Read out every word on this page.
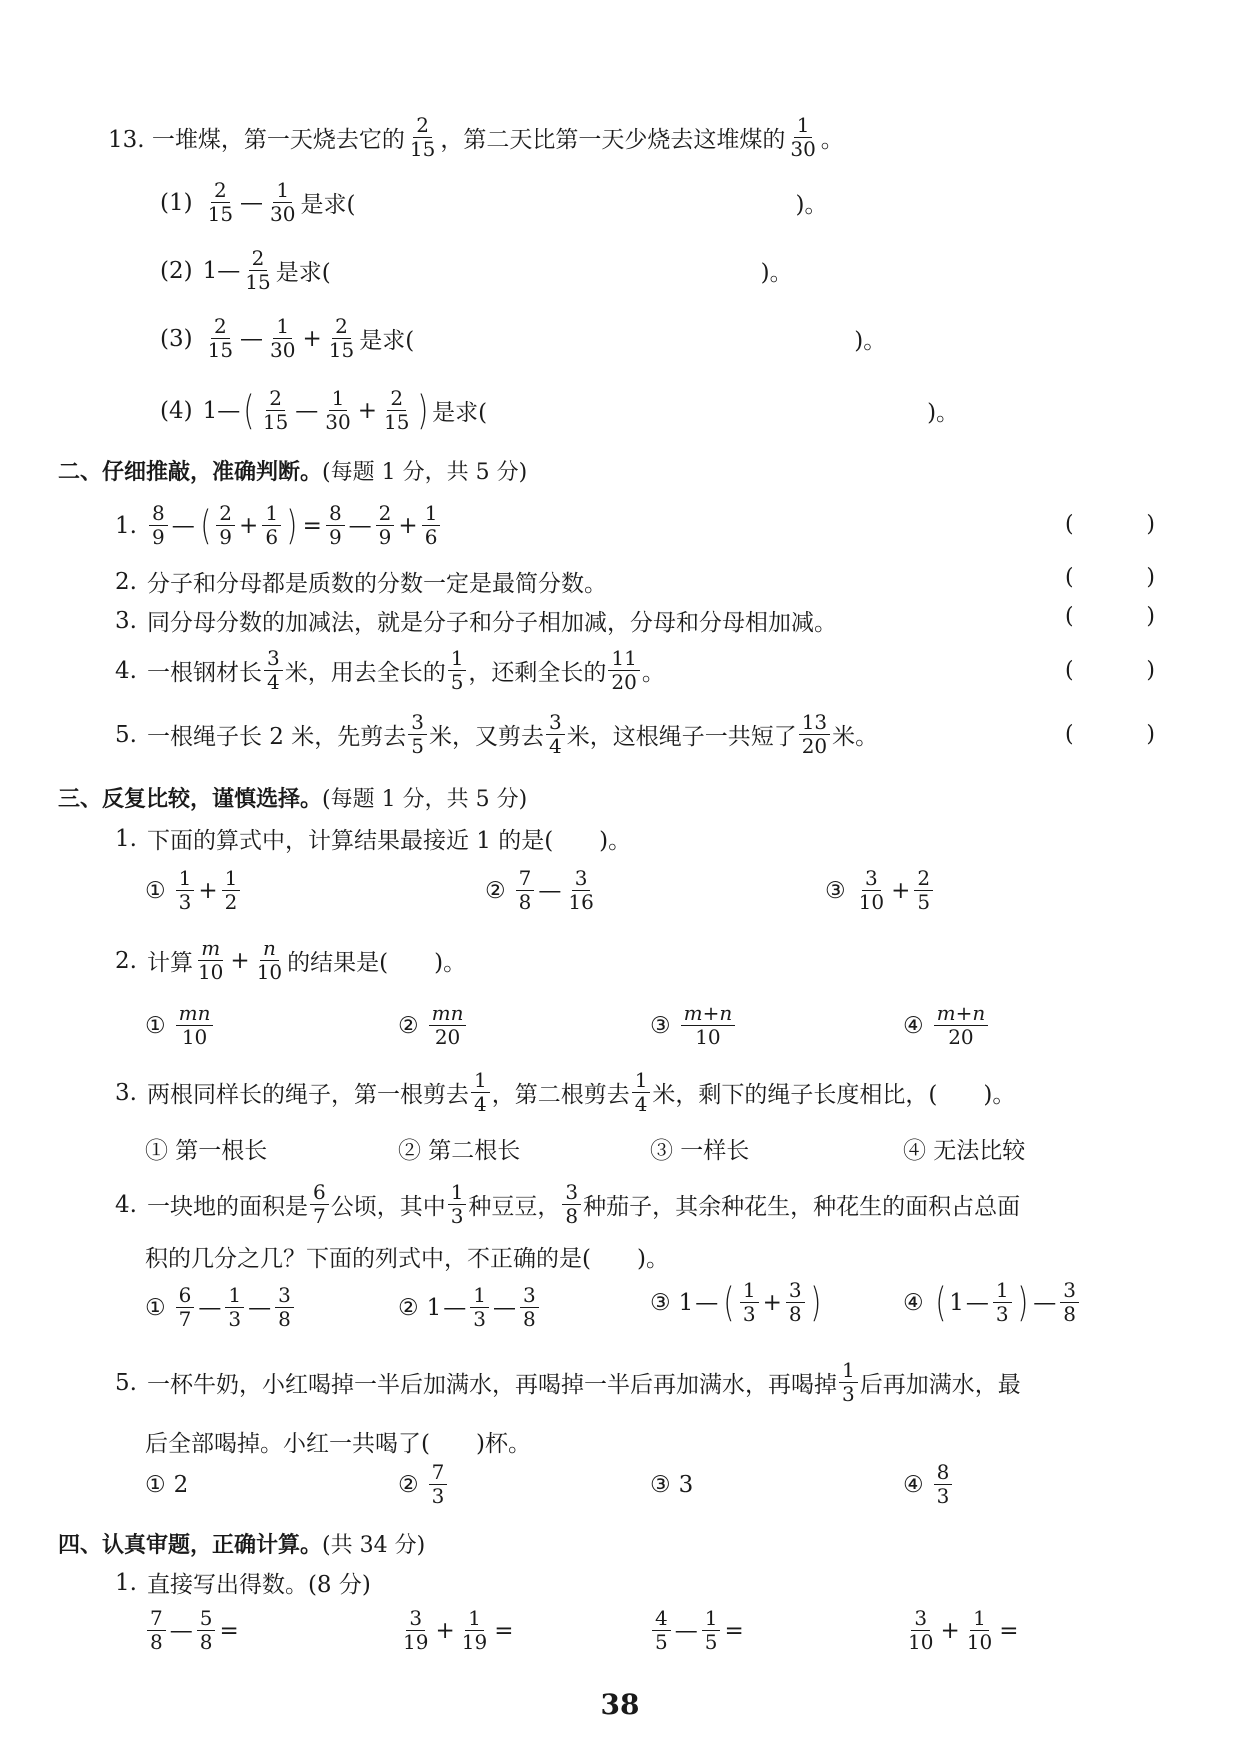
13. 一堆煤，第一天烧去它的 $\frac{2}{15}$ ，第二天比第一天少烧去这堆煤的 $\frac{1}{30}$ 。
$(1) \frac{2}{15}$ — $\frac{1}{30}$ 是求(	)。
(2) 1— $\frac{2}{15}$ 是求(	)。
$(3) \frac{2}{15}$ — $\frac{1}{30} + \frac{2}{15}$ 是求(	)。
(4) 1— ( $\frac{2}{15}$ — $\frac{1}{30} + \frac{2}{15}$ ) 是求(	)。
二、仔细推敲，准确判断。 (每题 1 分，共 5 分)
1. $\frac{8}{9}$ — ( $\frac{2}{9} + \frac{1}{6}$ ) = $\frac{8}{9}$ — $\frac{2}{9} + \frac{1}{6}$	(	)
2. 分子和分母都是质数的分数一定是最简分数。	(	)
3. 同分母分数的加减法，就是分子和分子相加减，分母和分母相加减。	(	)
4. 一根钢材长 $\frac{3}{4}$ 米，用去全长的 $\frac{1}{5}$ ，还剩全长的 $\frac{11}{20}$ 。	(	)
5. 一根绳子长 2 米，先剪去 $\frac{3}{5}$ 米，又剪去 $\frac{3}{4}$ 米，这根绳子一共短了 $\frac{13}{20}$ 米。	(	)
三、反复比较，谨慎选择。 (每题 1 分，共 5 分)
1. 下面的算式中，计算结果最接近 1 的是(　　)。
① $\frac{1}{3} + \frac{1}{2}$	② $\frac{7}{8}$ — $\frac{3}{16}$	③ $\frac{3}{10} + \frac{2}{5}$
2. 计算 $\frac{m}{10} + \frac{n}{10}$ 的结果是(　　)。
① $\frac{mn}{10}$	② $\frac{mn}{20}$	③ $\frac{m+n}{10}$	④ $\frac{m+n}{20}$
3. 两根同样长的绳子，第一根剪去 $\frac{1}{4}$ ，第二根剪去 $\frac{1}{4}$ 米，剩下的绳子长度相比，(　　)。
① 第一根长	② 第二根长	③ 一样长	④ 无法比较
4. 一块地的面积是 $\frac{6}{7}$ 公顷，其中 $\frac{1}{3}$ 种豆豆， $\frac{3}{8}$ 种茄子，其余种花生，种花生的面积占总面
积的几分之几？下面的列式中，不正确的是(　　)。
① $\frac{6}{7}$ — $\frac{1}{3}$ — $\frac{3}{8}$	② 1 — $\frac{1}{3}$ — $\frac{3}{8}$	③ 1 — ( $\frac{1}{3} + \frac{3}{8}$ )	④ ( 1 — $\frac{1}{3}$ ) — $\frac{3}{8}$
5. 一杯牛奶，小红喝掉一半后加满水，再喝掉一半后再加满水，再喝掉 $\frac{1}{3}$ 后再加满水，最
后全部喝掉。小红一共喝了(　　)杯。
① 2	② $\frac{7}{3}$	③ 3	④ $\frac{8}{3}$
四、认真审题，正确计算。 (共 34 分)
1. 直接写出得数。(8 分)
$\frac{7}{8}$ — $\frac{5}{8}$ =	$\frac{3}{19} + \frac{1}{19}$ =	$\frac{4}{5}$ — $\frac{1}{5}$ =	$\frac{3}{10} + \frac{1}{10}$ =
38
